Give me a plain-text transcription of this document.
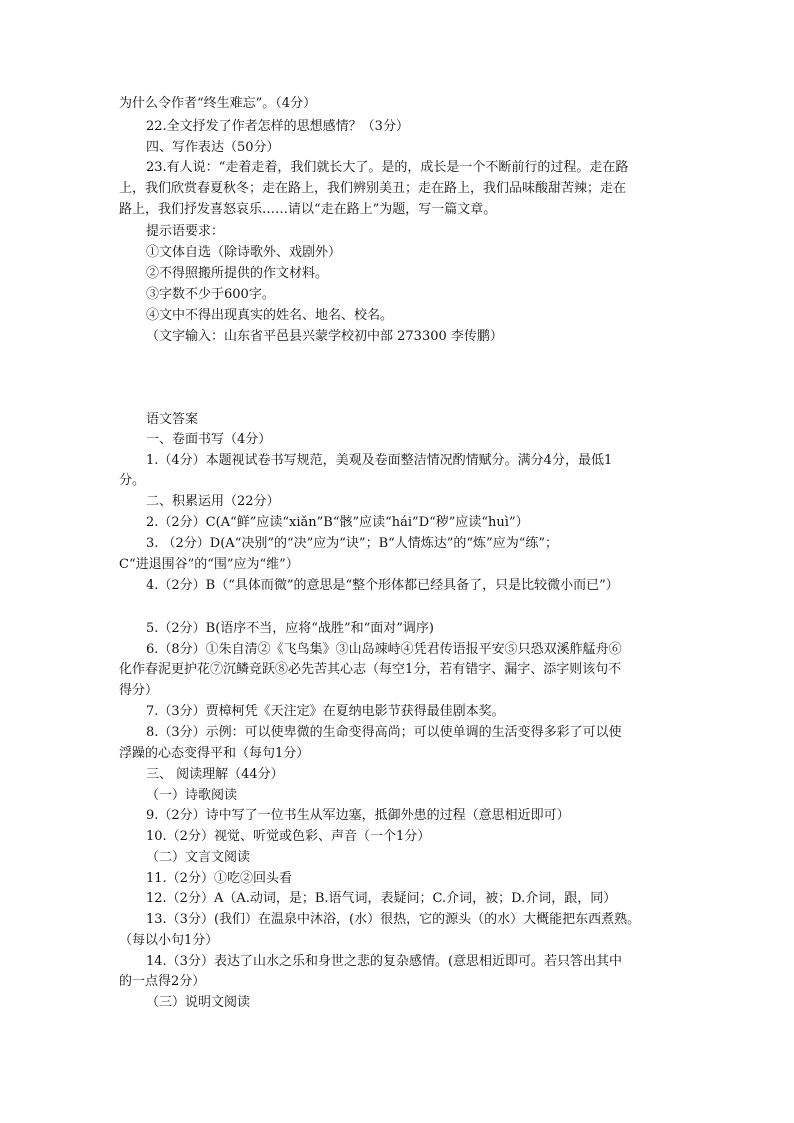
为什么令作者“终生难忘”。（4分）
22.全文抒发了作者怎样的思想感情？（3分）
四、写作表达（50分）
23.有人说：“走着走着，我们就长大了。是的，成长是一个不断前行的过程。走在路
上，我们欣赏春夏秋冬；走在路上，我们辨别美丑；走在路上，我们品味酸甜苦辣；走在
路上，我们抒发喜怒哀乐……请以“走在路上”为题，写一篇文章。
提示语要求：
①文体自选（除诗歌外、戏剧外）
②不得照搬所提供的作文材料。
③字数不少于600字。
④文中不得出现真实的姓名、地名、校名。
（文字输入：山东省平邑县兴蒙学校初中部 273300 李传鹏）
语文答案
一、卷面书写（4分）
1.（4分）本题视试卷书写规范，美观及卷面整洁情况酌情赋分。满分4分，最低1
分。
二、积累运用（22分）
2.（2分）C(A“鲜”应读“xiǎn”B“骸”应读“hái”D“秽”应读“huì”）
3. （2分）D(A“决别”的“决”应为“诀”；B“人情炼达”的“炼”应为“练”；
C“进退围谷”的“围”应为“维”）
4.（2分）B（“具体而微”的意思是“整个形体都已经具备了，只是比较微小而已”）
5.（2分）B(语序不当，应将“战胜”和“面对”调序)
6.（8分）①朱自清②《飞鸟集》③山岛竦峙④凭君传语报平安⑤只恐双溪舴艋舟⑥
化作春泥更护花⑦沉鳞竞跃⑧必先苦其心志（每空1分，若有错字、漏字、添字则该句不
得分）
7.（3分）贾樟柯凭《天注定》在夏纳电影节获得最佳剧本奖。
8.（3分）示例：可以使卑微的生命变得高尚；可以使单调的生活变得多彩了可以使
浮躁的心态变得平和（每句1分）
三、 阅读理解（44分）
（一）诗歌阅读
9.（2分）诗中写了一位书生从军边塞，抵御外患的过程（意思相近即可）
10.（2分）视觉、听觉或色彩、声音（一个1分）
（二）文言文阅读
11.（2分）①吃②回头看
12.（2分）A（A.动词，是；B.语气词，表疑问；C.介词，被；D.介词，跟，同）
13.（3分）(我们）在温泉中沐浴，(水）很热，它的源头（的水）大概能把东西煮熟。
（每以小句1分）
14.（3分）表达了山水之乐和身世之悲的复杂感情。(意思相近即可。若只答出其中
的一点得2分）
（三）说明文阅读
